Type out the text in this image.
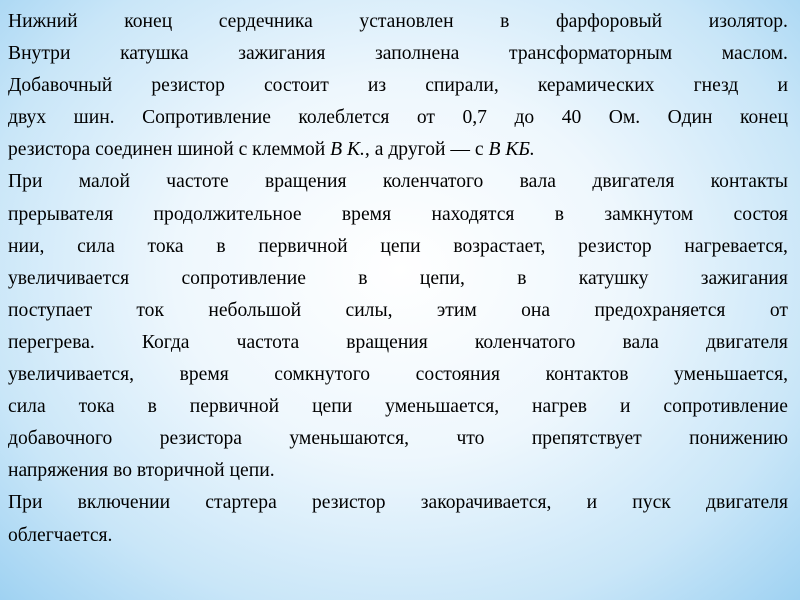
Нижний конец сердечника установлен в фарфоровый изолятор.
Внутри	катушка	зажигания	заполнена	трансформаторным	маслом.
Добавочный резистор состоит из спирали, керамических гнезд и
двух шин. Сопротивление колеблется от 0,7 до 40 Ом. Один конец
резистора соединен шиной с клеммой В К., а другой — с В КБ.
При малой частоте вращения коленчатого вала двигателя контакты
прерывателя продолжительное время находятся в замкнутом состоя
нии, сила тока в первичной цепи возрастает, резистор нагревается,
увеличивается	сопротивление	в	цепи,	в	катушку	зажигания
поступает ток небольшой силы, этим она предохраняется от
перегрева. Когда частота вращения коленчатого вала двигателя
увеличивается, время сомкнутого состояния контактов уменьшается,
сила тока в первичной цепи уменьшается, нагрев и сопротивление
добавочного резистора уменьшаются, что препятствует понижению
напряжения во вторичной цепи.
При включении стартера резистор закорачивается, и пуск двигателя
облегчается.
